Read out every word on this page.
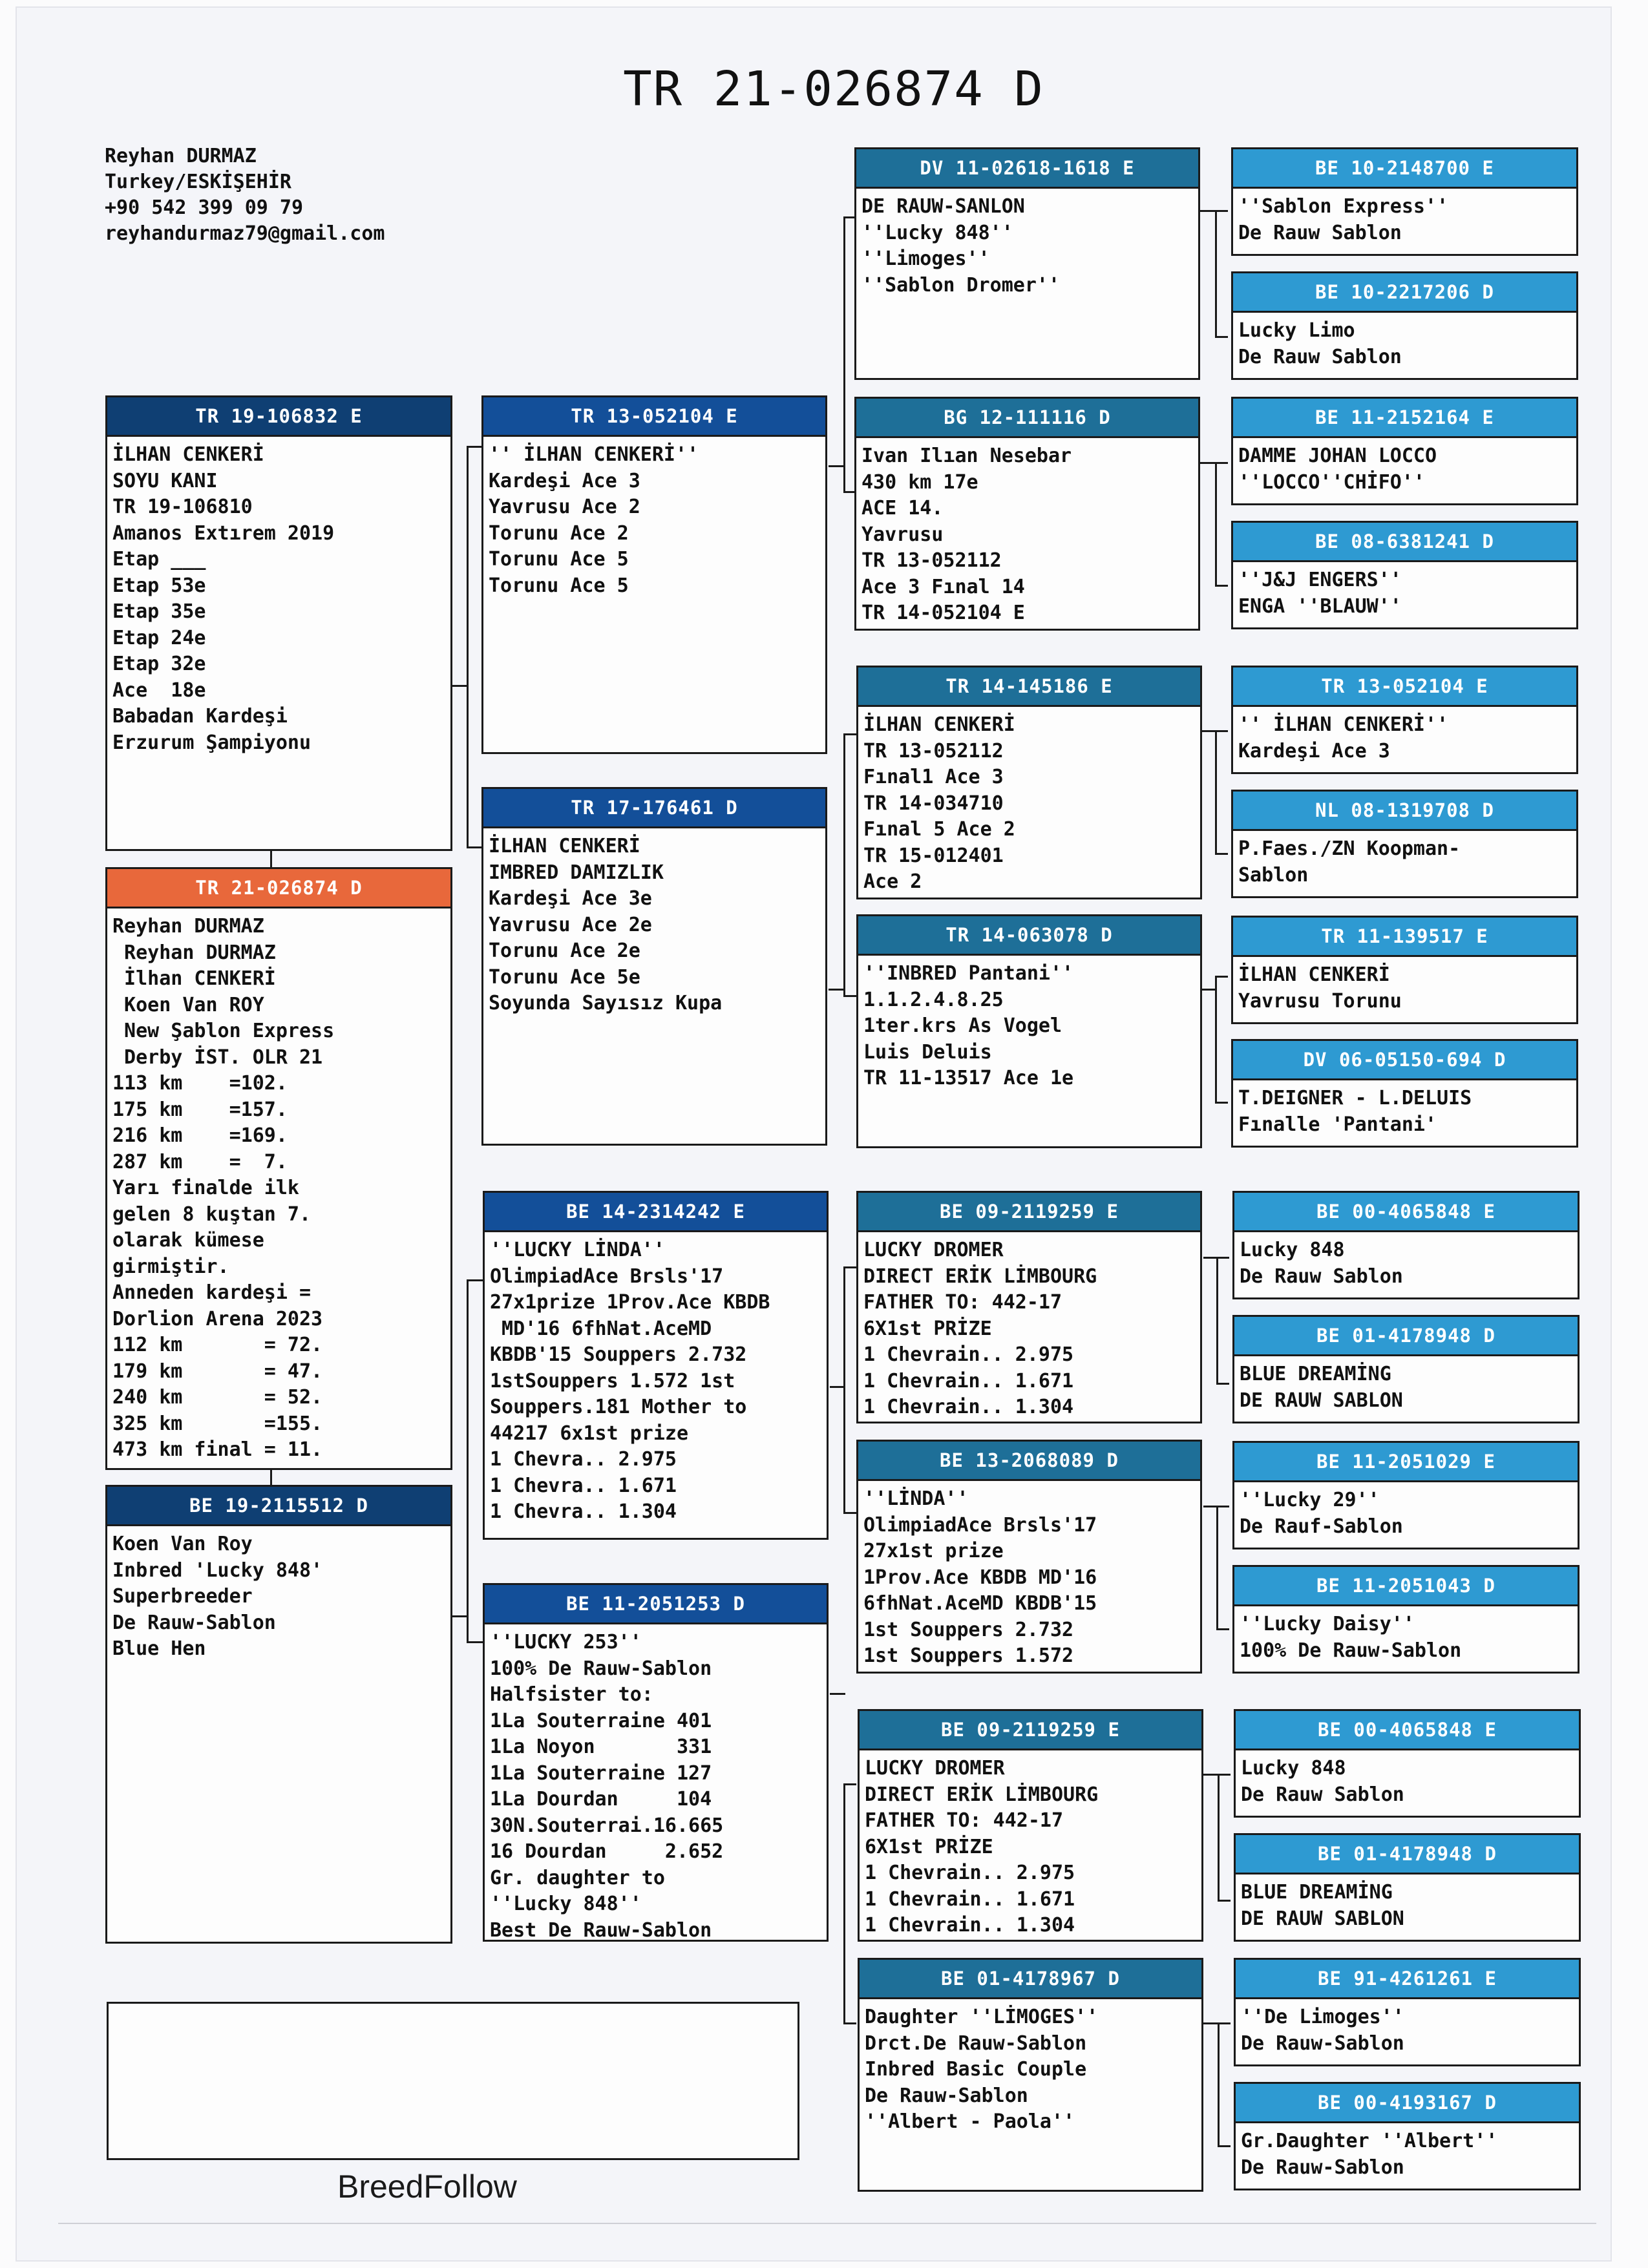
TR 21-026874 D
Reyhan DURMAZ
Turkey/ESKİŞEHİR
+90 542 399 09 79
reyhandurmaz79@gmail.com
TR 19-106832 E
İLHAN CENKERİ
SOYU KANI
TR 19-106810
Amanos Extırem 2019
Etap ___
Etap 53e
Etap 35e
Etap 24e
Etap 32e
Ace  18e
Babadan Kardeşi
Erzurum Şampiyonu
TR 21-026874 D
Reyhan DURMAZ
Reyhan DURMAZ
İlhan CENKERİ
Koen Van ROY
New Şablon Express
Derby İST. OLR 21
113 km    =102.
175 km    =157.
216 km    =169.
287 km    =  7.
Yarı finalde ilk
gelen 8 kuştan 7.
olarak kümese
girmiştir.
Anneden kardeşi =
Dorlion Arena 2023
112 km       = 72.
179 km       = 47.
240 km       = 52.
325 km       =155.
473 km final = 11.
BE 19-2115512 D
Koen Van Roy
Inbred 'Lucky 848'
Superbreeder
De Rauw-Sablon
Blue Hen
TR 13-052104 E
'' İLHAN CENKERİ''
Kardeşi Ace 3
Yavrusu Ace 2
Torunu Ace 2
Torunu Ace 5
Torunu Ace 5
TR 17-176461 D
İLHAN CENKERİ
IMBRED DAMIZLIK
Kardeşi Ace 3e
Yavrusu Ace 2e
Torunu Ace 2e
Torunu Ace 5e
Soyunda Sayısız Kupa
BE 14-2314242 E
''LUCKY LİNDA''
OlimpiadAce Brsls'17
27x1prize 1Prov.Ace KBDB
MD'16 6fhNat.AceMD
KBDB'15 Souppers 2.732
1stSouppers 1.572 1st
Souppers.181 Mother to
44217 6x1st prize
1 Chevra.. 2.975
1 Chevra.. 1.671
1 Chevra.. 1.304
BE 11-2051253 D
''LUCKY 253''
100% De Rauw-Sablon
Halfsister to:
1La Souterraine 401
1La Noyon       331
1La Souterraine 127
1La Dourdan     104
30N.Souterrai.16.665
16 Dourdan     2.652
Gr. daughter to
''Lucky 848''
Best De Rauw-Sablon
DV 11-02618-1618 E
DE RAUW-SANLON
''Lucky 848''
''Limoges''
''Sablon Dromer''
BG 12-111116 D
Ivan Ilıan Nesebar
430 km 17e
ACE 14.
Yavrusu
TR 13-052112
Ace 3 Fınal 14
TR 14-052104 E
TR 14-145186 E
İLHAN CENKERİ
TR 13-052112
Fınal1 Ace 3
TR 14-034710
Fınal 5 Ace 2
TR 15-012401
Ace 2
TR 14-063078 D
''INBRED Pantani''
1.1.2.4.8.25
1ter.krs As Vogel
Luis Deluis
TR 11-13517 Ace 1e
BE 09-2119259 E
LUCKY DROMER
DIRECT ERİK LİMBOURG
FATHER TO: 442-17
6X1st PRİZE
1 Chevrain.. 2.975
1 Chevrain.. 1.671
1 Chevrain.. 1.304
BE 13-2068089 D
''LİNDA''
OlimpiadAce Brsls'17
27x1st prize
1Prov.Ace KBDB MD'16
6fhNat.AceMD KBDB'15
1st Souppers 2.732
1st Souppers 1.572
BE 09-2119259 E
LUCKY DROMER
DIRECT ERİK LİMBOURG
FATHER TO: 442-17
6X1st PRİZE
1 Chevrain.. 2.975
1 Chevrain.. 1.671
1 Chevrain.. 1.304
BE 01-4178967 D
Daughter ''LİMOGES''
Drct.De Rauw-Sablon
Inbred Basic Couple
De Rauw-Sablon
''Albert - Paola''
BE 10-2148700 E
''Sablon Express''
De Rauw Sablon
BE 10-2217206 D
Lucky Limo
De Rauw Sablon
BE 11-2152164 E
DAMME JOHAN LOCCO
''LOCCO''CHİFO''
BE 08-6381241 D
''J&J ENGERS''
ENGA ''BLAUW''
TR 13-052104 E
'' İLHAN CENKERİ''
Kardeşi Ace 3
NL 08-1319708 D
P.Faes./ZN Koopman-
Sablon
TR 11-139517 E
İLHAN CENKERİ
Yavrusu Torunu
DV 06-05150-694 D
T.DEIGNER - L.DELUIS
Fınalle 'Pantani'
BE 00-4065848 E
Lucky 848
De Rauw Sablon
BE 01-4178948 D
BLUE DREAMİNG
DE RAUW SABLON
BE 11-2051029 E
''Lucky 29''
De Rauf-Sablon
BE 11-2051043 D
''Lucky Daisy''
100% De Rauw-Sablon
BE 00-4065848 E
Lucky 848
De Rauw Sablon
BE 01-4178948 D
BLUE DREAMİNG
DE RAUW SABLON
BE 91-4261261 E
''De Limoges''
De Rauw-Sablon
BE 00-4193167 D
Gr.Daughter ''Albert''
De Rauw-Sablon
BreedFollow
